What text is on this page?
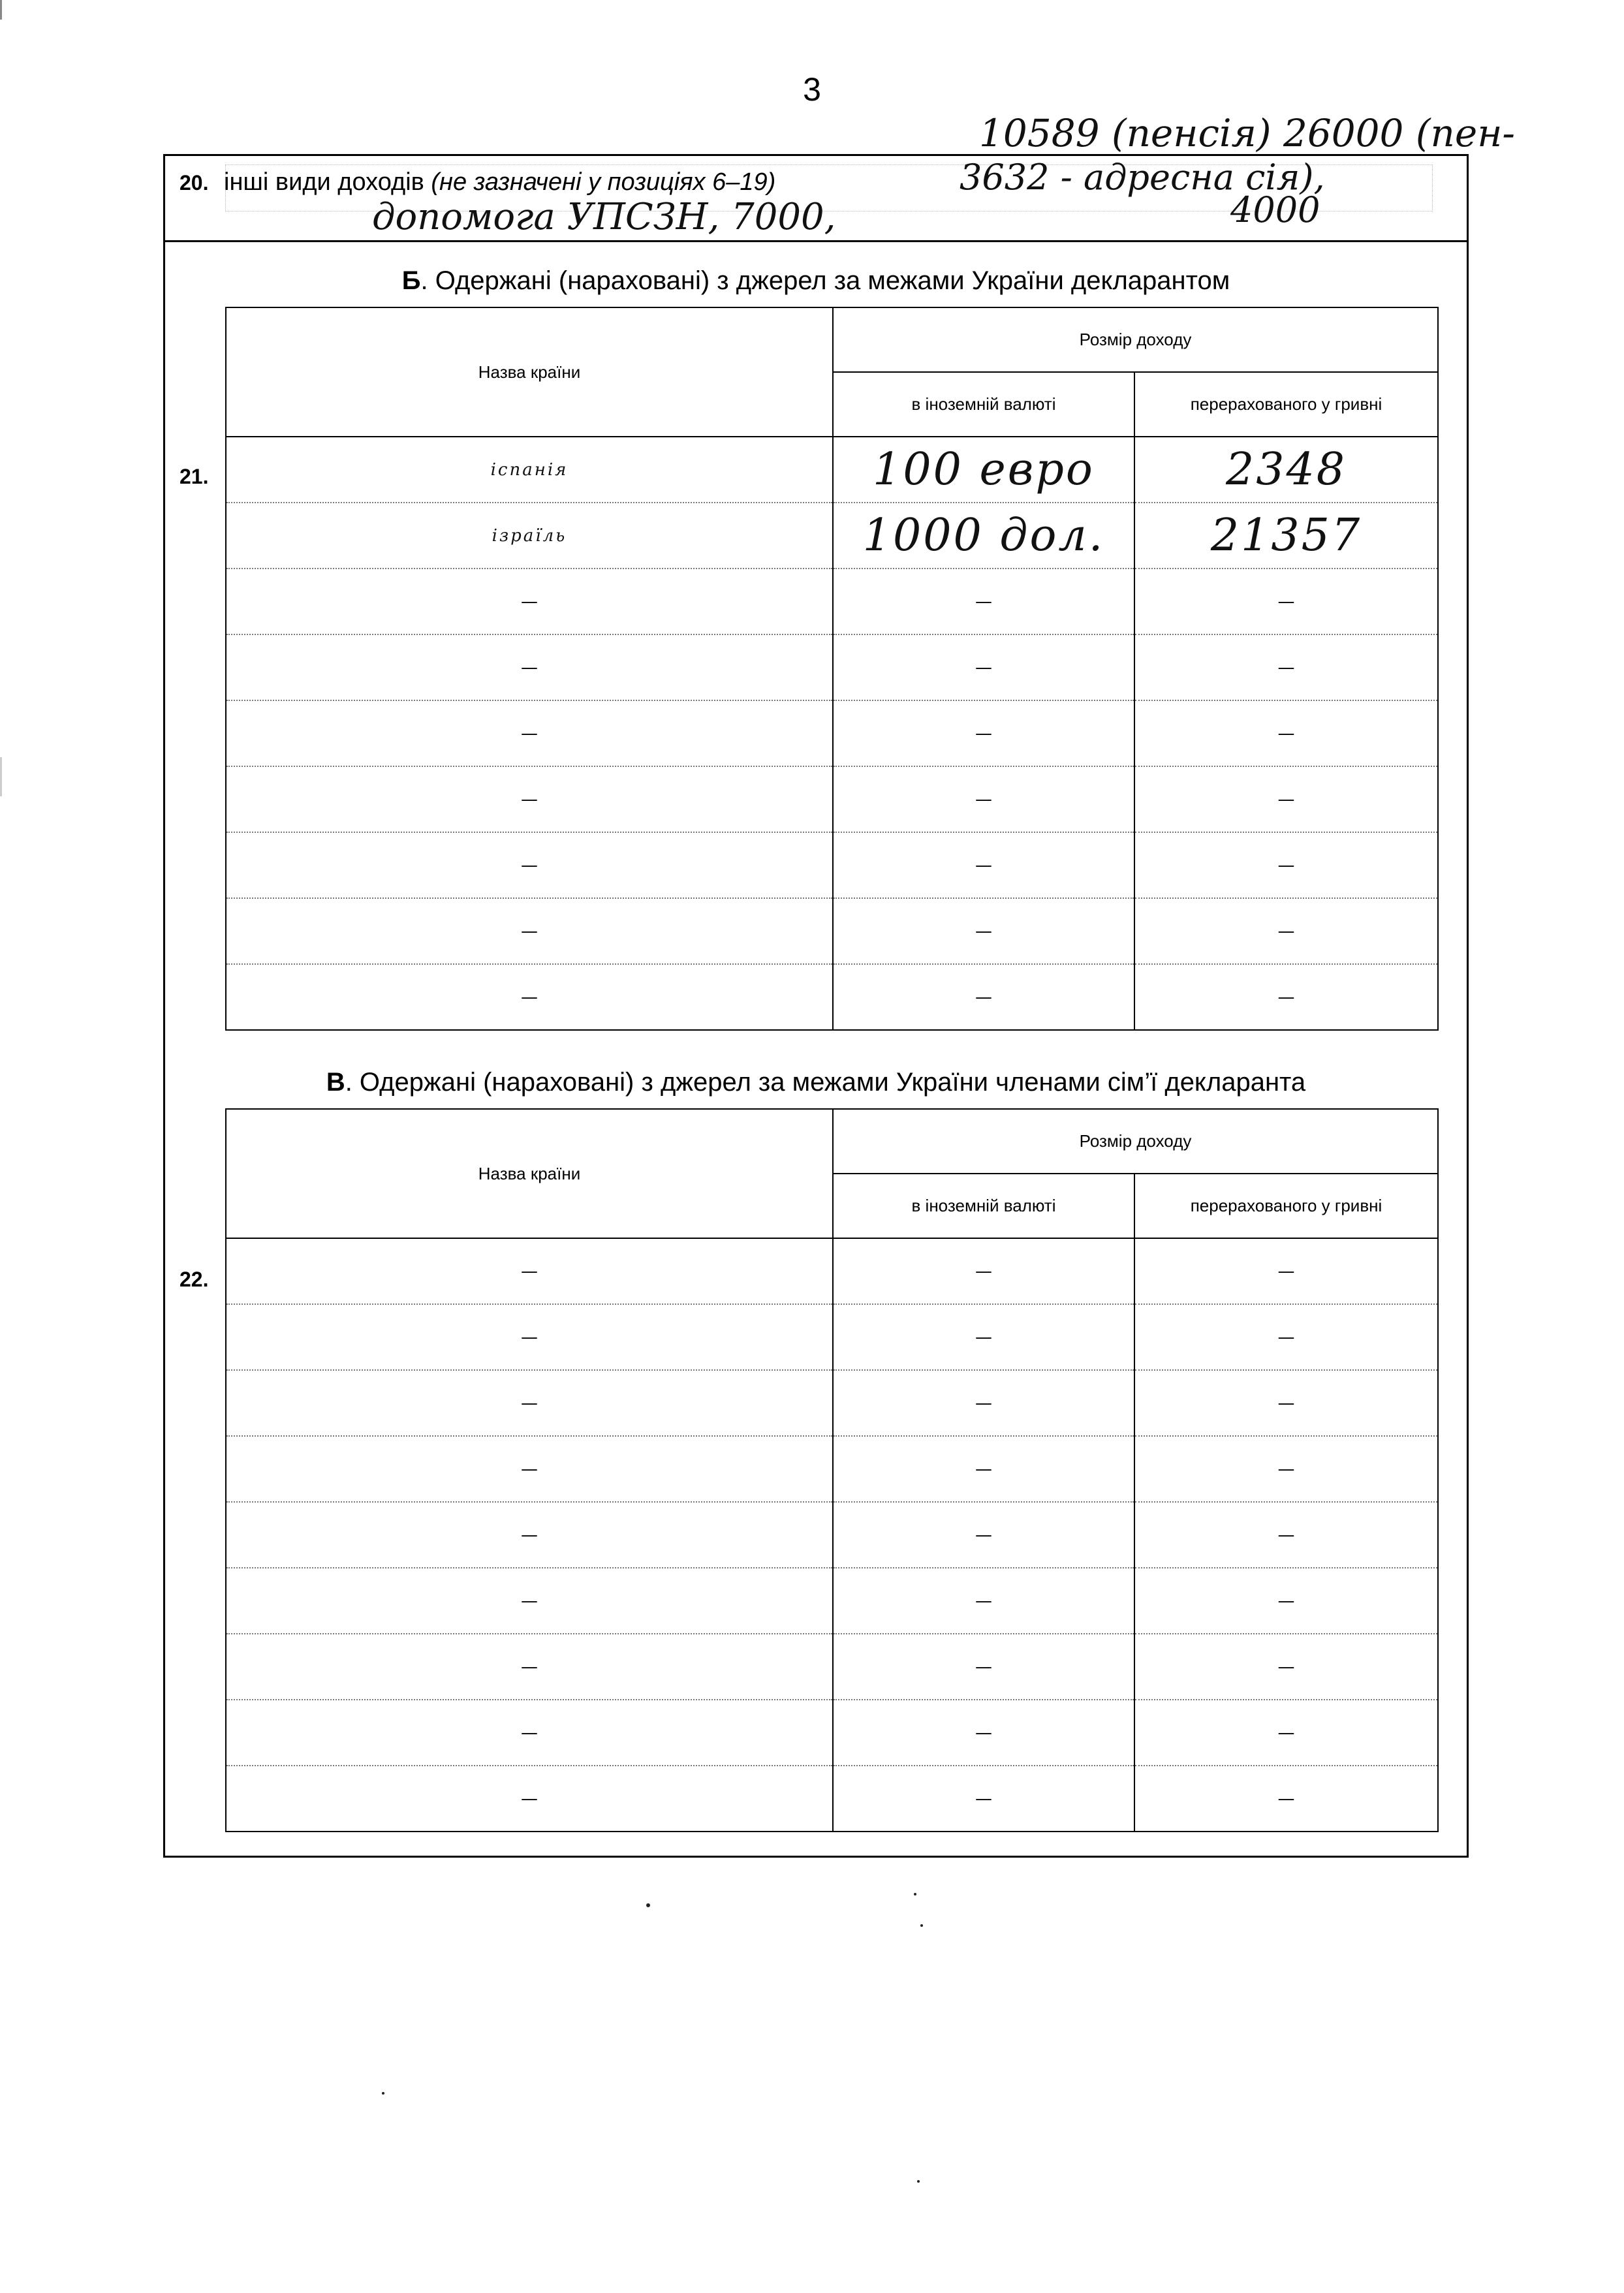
3
20. інші види доходів (не зазначені у позиціях 6–19)
10589 (пенсія) 26000 (пен-
3632 - адресна сія),
допомога УПСЗН, 7000,	4000
Б. Одержані (нараховані) з джерел за межами України декларантом
21.
Назва країни	Розмір доходу	
	в іноземній валюті	перерахованого у гривні
іспанія	100 евро	2348
ізраїль	1000 дол.	21357
—	—	—
—	—	—
—	—	—
—	—	—
—	—	—
—	—	—
—	—	—
В. Одержані (нараховані) з джерел за межами України членами сім’ї декларанта
22.
Назва країни	Розмір доходу	
	в іноземній валюті	перерахованого у гривні
—	—	—
—	—	—
—	—	—
—	—	—
—	—	—
—	—	—
—	—	—
—	—	—
—	—	—
